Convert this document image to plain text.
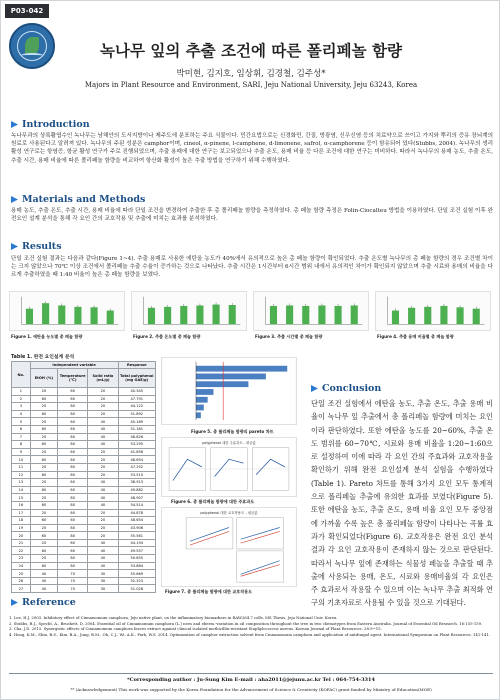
P03-042
녹나무 잎의 추출 조건에 따른 폴리페놀 함량
박미현, 김지호, 임상휘, 김경철, 김주성*
Majors in Plant Resource and Environment, SARI, Jeju National University, Jeju 63243, Korea
Introduction
녹나무과의 상록활엽수인 녹나무는 남해안의 도서지방이나 제주도에 분포하는 주요 식물이다. 민간요법으로는 신경화민, 간질, 방광염, 신우신염 등의 치료약으로 쓰이고 가지와 뿌리의 증유 장뇌계의 원료로 사용된다고 알려져 있다. 녹나무의 주된 성분은 camphor이며, cineol, α-pinene, l-camphene, d-limonene, safrol, α-camphorene 등이 함유되어 있다(Stubbs, 2004). 녹나무의 생리활성 연구로는 항염증, 항균 활성 연구가 주로 진행되었으며, 추출 용매에 대한 연구는 보고되었으나 추출 온도, 용매 비율 등 다른 조건에 대한 연구는 미비하다. 따라서 녹나무의 용매 농도, 추출 온도, 추출 시간, 용매 비율에 따른 폴리페놀 함량을 비교하여 항산화 활성이 높은 추출 방법을 연구하기 위해 수행하였다.
Materials and Methods
용매 농도, 추출 온도, 추출 시간, 용매 비율에 따라 단일 조건을 변경하여 추출한 후 총 폴리페놀 함량을 측정하였다. 총 페놀 함량 측정은 Folin-Ciocalteu 방법을 이용하였다. 단일 조건 실험 이후 완전요인 설계 분석을 통해 각 요인 간의 교호작용 및 추출에 미치는 효과를 분석하였다.
Results
단일 조건 실험 결과는 다음과 같다(Figure 1~4). 추출 용매로 사용한 에탄올 농도가 40%에서 유의적으로 높은 총 페놀 함량이 확인되었다. 추출 온도별 녹나무의 총 페놀 함량의 경우 조건별 차이는 크지 않았으나 70℃ 이상 조건에서 폴리페놀 추출 수율이 증가하는 것으로 나타났다. 추출 시간은 1시간부터 6시간 범위 내에서 유의적인 차이가 확인되지 않았으며 추출 시료와 용매의 비율을 다르게 추출하였을 때 1:40 비율이 높은 총 페놀 함량을 보였다.
Figure 1. 에탄올 농도별 총 페놀 함량	Figure 2. 추출 온도별 총 페놀 함량	Figure 3. 추출 시간별 총 페놀 함량	Figure 4. 추출 용매 비율별 총 페놀 함량
Table 1. 완전 요인설계 분석
No.	Independent variable			Response
	EtOH (%)	Temperature (℃)	Solid ratio (mL/g)	Total polyphenol (mg GAE/g)
1	20	60	20	40.345
2	60	60	20	47.791
3	20	80	20	44.122
4	60	80	20	51.892
5	20	60	40	45.169
6	60	60	40	51.181
7	20	80	40	48.826
8	60	80	40	53.295
9	20	60	20	41.856
10	60	60	20	48.654
11	20	80	20	47.252
12	60	80	20	53.510
13	20	60	40	38.913
14	60	60	40	49.882
15	20	80	40	48.907
16	60	80	40	54.514
17	20	60	20	44.878
18	60	60	20	48.654
19	20	80	20	43.906
20	60	80	20	55.561
21	20	60	40	44.194
22	60	60	40	49.557
23	20	80	40	50.655
24	60	80	40	53.864
25	40	70	30	55.669
26	40	70	30	52.323
27	40	70	30	51.028
Figure 5. 총 폴리페놀 함량의 pareto 차트
polyphenol 대한 주효과도 - 평균값
Figure 6. 총 폴리페놀 함량에 대한 주효과도
polyphenol 대한 교호작용도 - 평균값
Figure 7. 총 폴리페놀 함량에 대한 교호작용도
Conclusion
단일 조건 실험에서 에탄올 농도, 추출 온도, 추출 용매 비율이 녹나무 잎 추출에서 총 폴리페놀 함량에 미치는 요인이라 판단하였다. 또한 에탄올 농도를 20~60%, 추출 온도 범위를 60~70℃, 시료와 용매 비율을 1:20~1:60으로 설정하여 이에 따라 각 요인 간의 주효과와 교호작용을 확인하기 위해 완전 요인설계 분석 실험을 수행하였다(Table 1). Pareto 차트를 통해 3가지 요인 모두 통계적으로 폴리페놀 추출에 유의한 효과를 보였다(Figure 5). 또한 에탄올 농도, 추출 온도, 용매 비율 요인 모두 중앙점에 가까울 수록 높은 총 폴리페놀 함량이 나타나는 곡률 효과가 확인되었다(Figure 6). 교호작용은 완전 요인 분석 결과 각 요인 교호작용이 존재하지 않는 것으로 판단된다. 따라서 녹나무 잎에 존재하는 식물성 페놀을 추출할 때 추출에 사용되는 용매, 온도, 시료와 용매비율의 각 요인은 주 효과로서 작용할 수 있으며 이는 녹나무 추출 최적화 연구의 기초자료로 사용될 수 있을 것으로 기대된다.
Reference
1. Lee, H.J. 2003. Inhibitory effect of Cinnamomum camphora, Jeju native plant, on the inflammatory biomarkers in RAW264.7 cells. MS Thesis, Jeju National Univ. Korea.
2. Stubbs, B.J., Specht, A., Brushett, D. 2004. Essential oil of Cinnamomum camphora (L.) nees and eberm.-variation in oil composition throughout the tree in two chemotypes from Eastern Australia. Journal of Essential Oil Research. 16:155-159.
3. Cha, J.D. 2015. Synergistic effects of Cinnamomum camphora leaves extract against clinical isolated methicillin-resistant Staphylococcus aureus. Korean Journal of Plant Resources. 28:9~15.
4. Hong, K.M., Shin, B.S., Kim, B.A., Jung, B.M., Oh, C.J., Wi, A.K., Park, W.S. 2014. Optimization of camphor extraction solvent from Cinnamomum camphora and application of antifungal agent. International Symposium on Plant Resources. 141-141.
*Corresponding author : Ju-Sung Kim E-mail : aha2011@jejunu.ac.kr Tel : 064-754-3314
** (Acknowledgement) This work was supported by the Korea Foundation for the Advancement of Science & Creativity (KOFAC) grant funded by Ministry of Education(MOE)
